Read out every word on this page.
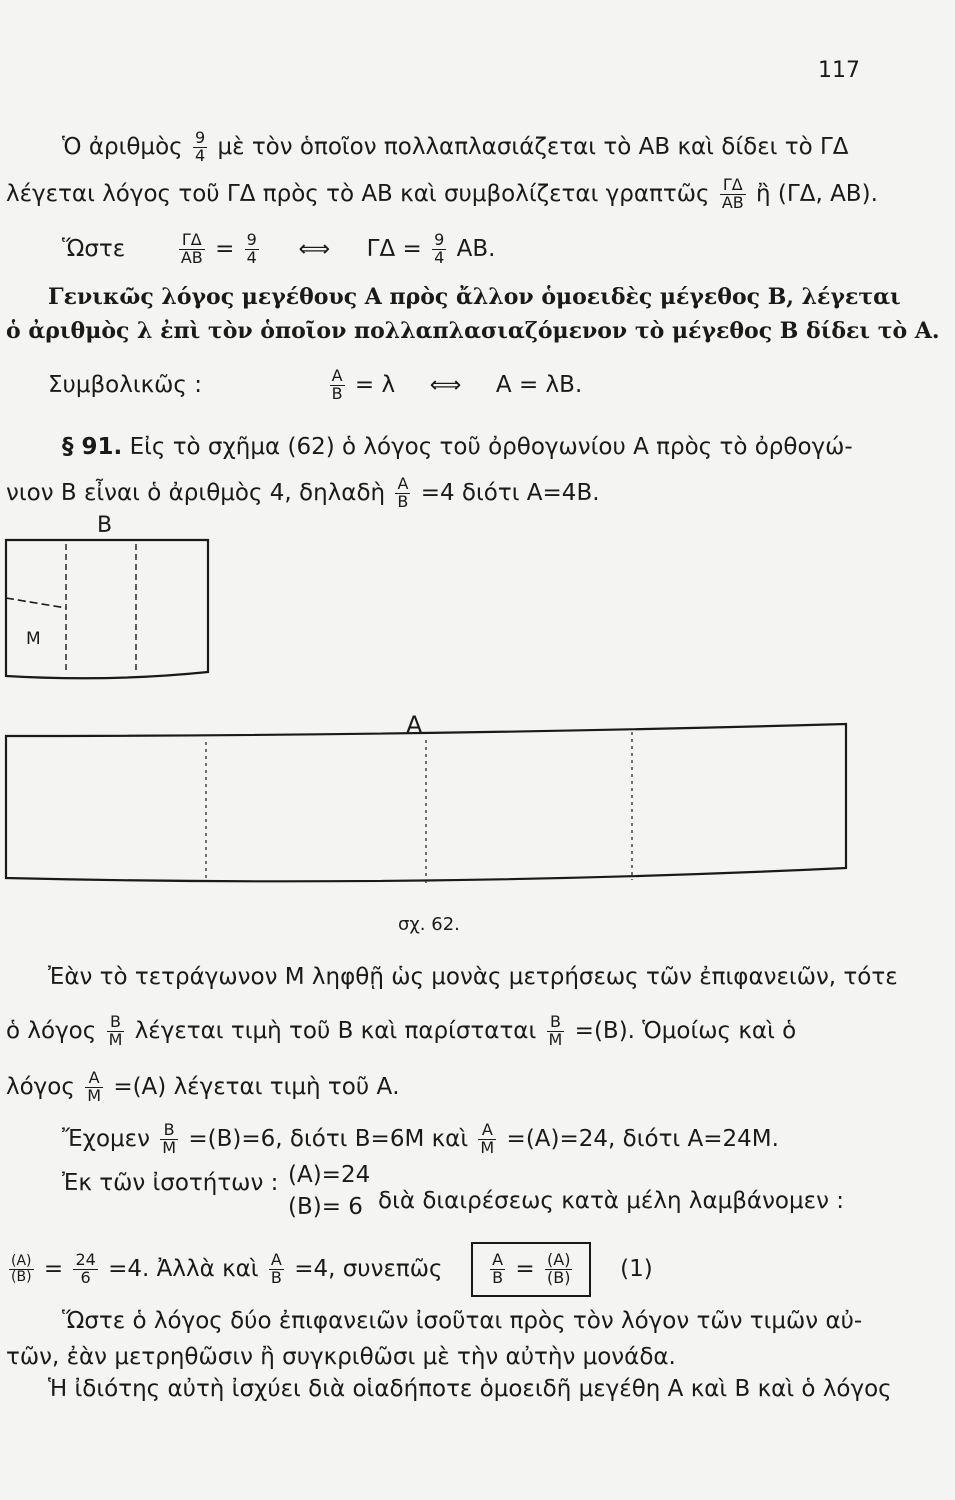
117
Ὁ ἀριθμὸς $\frac{9}{4}$ μὲ τὸν ὁποῖον πολλαπλασιάζεται τὸ ΑΒ καὶ δίδει τὸ ΓΔ
λέγεται λόγος τοῦ ΓΔ πρὸς τὸ ΑΒ καὶ συμβολίζεται γραπτῶς $\frac{\Gamma\Delta}{AB}$ ἢ (ΓΔ, ΑΒ).
Ὥστε	$\frac{\Gamma\Delta}{AB} = \frac{9}{4}$ ⟺ $\Gamma\Delta = \frac{9}{4} AB$.
Γενικῶς λόγος μεγέθους Α πρὸς ἄλλον ὁμοειδὲς μέγεθος Β, λέγεται
ὁ ἀριθμὸς λ ἐπὶ τὸν ὁποῖον πολλαπλασιαζόμενον τὸ μέγεθος Β δίδει τὸ Α.
Συμβολικῶς :	$\frac{A}{B} = \lambda$ ⟺ Α = λΒ.
§ 91. Εἰς τὸ σχῆμα (62) ὁ λόγος τοῦ ὀρθογωνίου Α πρὸς τὸ ὀρθογώ-
νιον Β εἶναι ὁ ἀριθμὸς 4, δηλαδὴ $\frac{A}{B} =4$ διότι Α=4Β.
Β
Μ
Α
σχ. 62.
Ἐὰν τὸ τετράγωνον Μ ληφθῇ ὡς μονὰς μετρήσεως τῶν ἐπιφανειῶν, τότε
ὁ λόγος $\frac{B}{M}$ λέγεται τιμὴ τοῦ Β καὶ παρίσταται $\frac{B}{M} =(B)$. Ὁμοίως καὶ ὁ
λόγος $\frac{A}{M} =(A)$ λέγεται τιμὴ τοῦ Α.
Ἔχομεν $\frac{B}{M} =(B)=6$, διότι Β=6Μ καὶ $\frac{A}{M} =(A)=24$, διότι Α=24Μ.
Ἐκ τῶν ἰσοτήτων : (Α)=24
(Β)= 6 διὰ διαιρέσεως κατὰ μέλη λαμβάνομεν :
$\frac{(A)}{(B)} = \frac{24}{6} =4$. Ἀλλὰ καὶ $\frac{A}{B} =4$, συνεπῶς	$\frac{A}{B} = \frac{(A)}{(B)} (1)$
Ὥστε ὁ λόγος δύο ἐπιφανειῶν ἰσοῦται πρὸς τὸν λόγον τῶν τιμῶν αὐ-
τῶν, ἐὰν μετρηθῶσιν ἢ συγκριθῶσι μὲ τὴν αὐτὴν μονάδα.
Ἡ ἰδιότης αὐτὴ ἰσχύει διὰ οἱαδήποτε ὁμοειδῆ μεγέθη Α καὶ Β καὶ ὁ λόγος
